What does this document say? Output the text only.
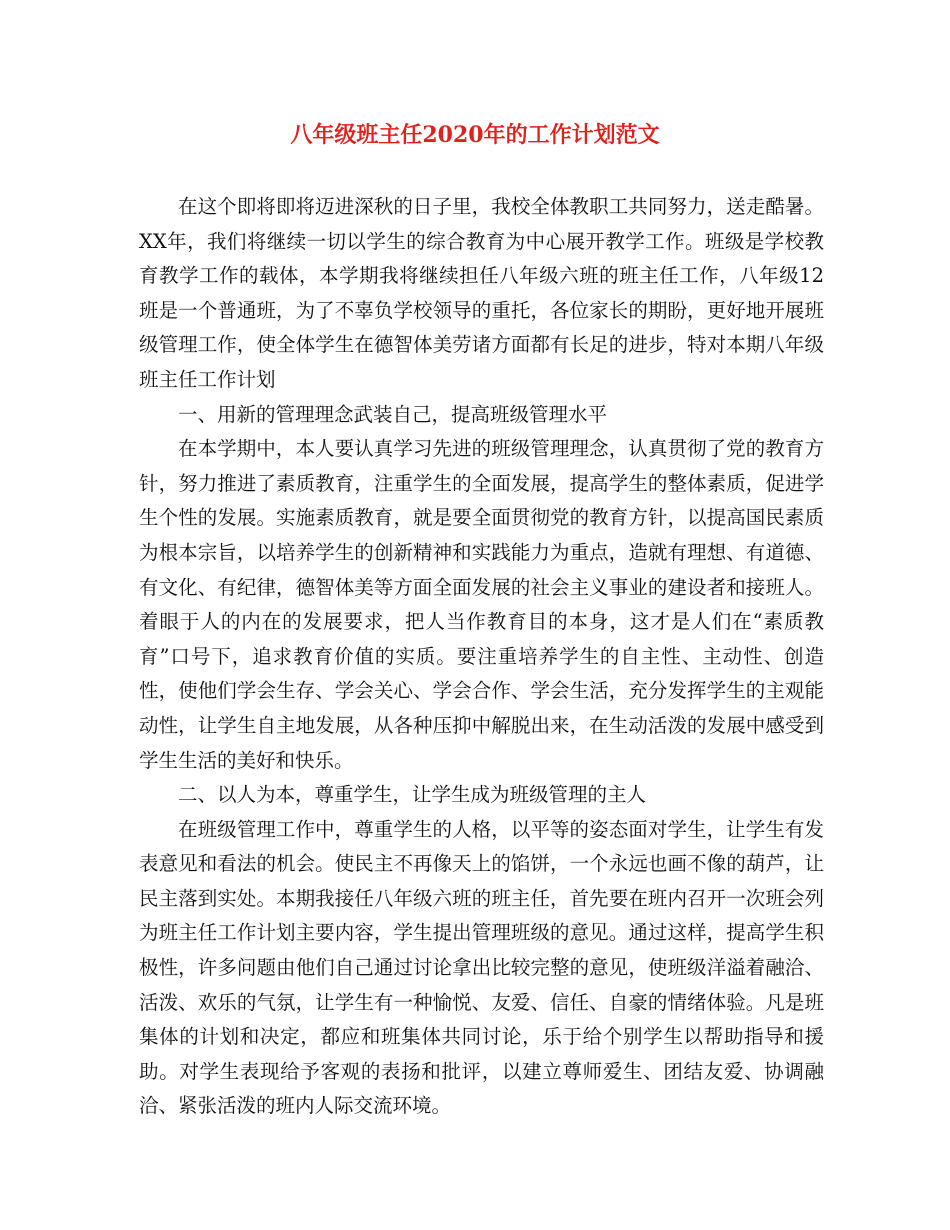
八年级班主任2020年的工作计划范文

在这个即将即将迈进深秋的日子里，我校全体教职工共同努力，送走酷暑。XX年，我们将继续一切以学生的综合教育为中心展开教学工作。班级是学校教育教学工作的载体，本学期我将继续担任八年级六班的班主任工作，八年级12班是一个普通班，为了不辜负学校领导的重托，各位家长的期盼，更好地开展班级管理工作，使全体学生在德智体美劳诸方面都有长足的进步，特对本期八年级班主任工作计划

一、用新的管理理念武装自己，提高班级管理水平

在本学期中，本人要认真学习先进的班级管理理念，认真贯彻了党的教育方针，努力推进了素质教育，注重学生的全面发展，提高学生的整体素质，促进学生个性的发展。实施素质教育，就是要全面贯彻党的教育方针，以提高国民素质为根本宗旨，以培养学生的创新精神和实践能力为重点，造就有理想、有道德、有文化、有纪律，德智体美等方面全面发展的社会主义事业的建设者和接班人。着眼于人的内在的发展要求，把人当作教育目的本身，这才是人们在“素质教育”口号下，追求教育价值的实质。要注重培养学生的自主性、主动性、创造性，使他们学会生存、学会关心、学会合作、学会生活，充分发挥学生的主观能动性，让学生自主地发展，从各种压抑中解脱出来，在生动活泼的发展中感受到学生生活的美好和快乐。

二、以人为本，尊重学生，让学生成为班级管理的主人

在班级管理工作中，尊重学生的人格，以平等的姿态面对学生，让学生有发表意见和看法的机会。使民主不再像天上的馅饼，一个永远也画不像的葫芦，让民主落到实处。本期我接任八年级六班的班主任，首先要在班内召开一次班会列为班主任工作计划主要内容，学生提出管理班级的意见。通过这样，提高学生积极性，许多问题由他们自己通过讨论拿出比较完整的意见，使班级洋溢着融洽、活泼、欢乐的气氛，让学生有一种愉悦、友爱、信任、自豪的情绪体验。凡是班集体的计划和决定，都应和班集体共同讨论，乐于给个别学生以帮助指导和援助。对学生表现给予客观的表扬和批评，以建立尊师爱生、团结友爱、协调融洽、紧张活泼的班内人际交流环境。
